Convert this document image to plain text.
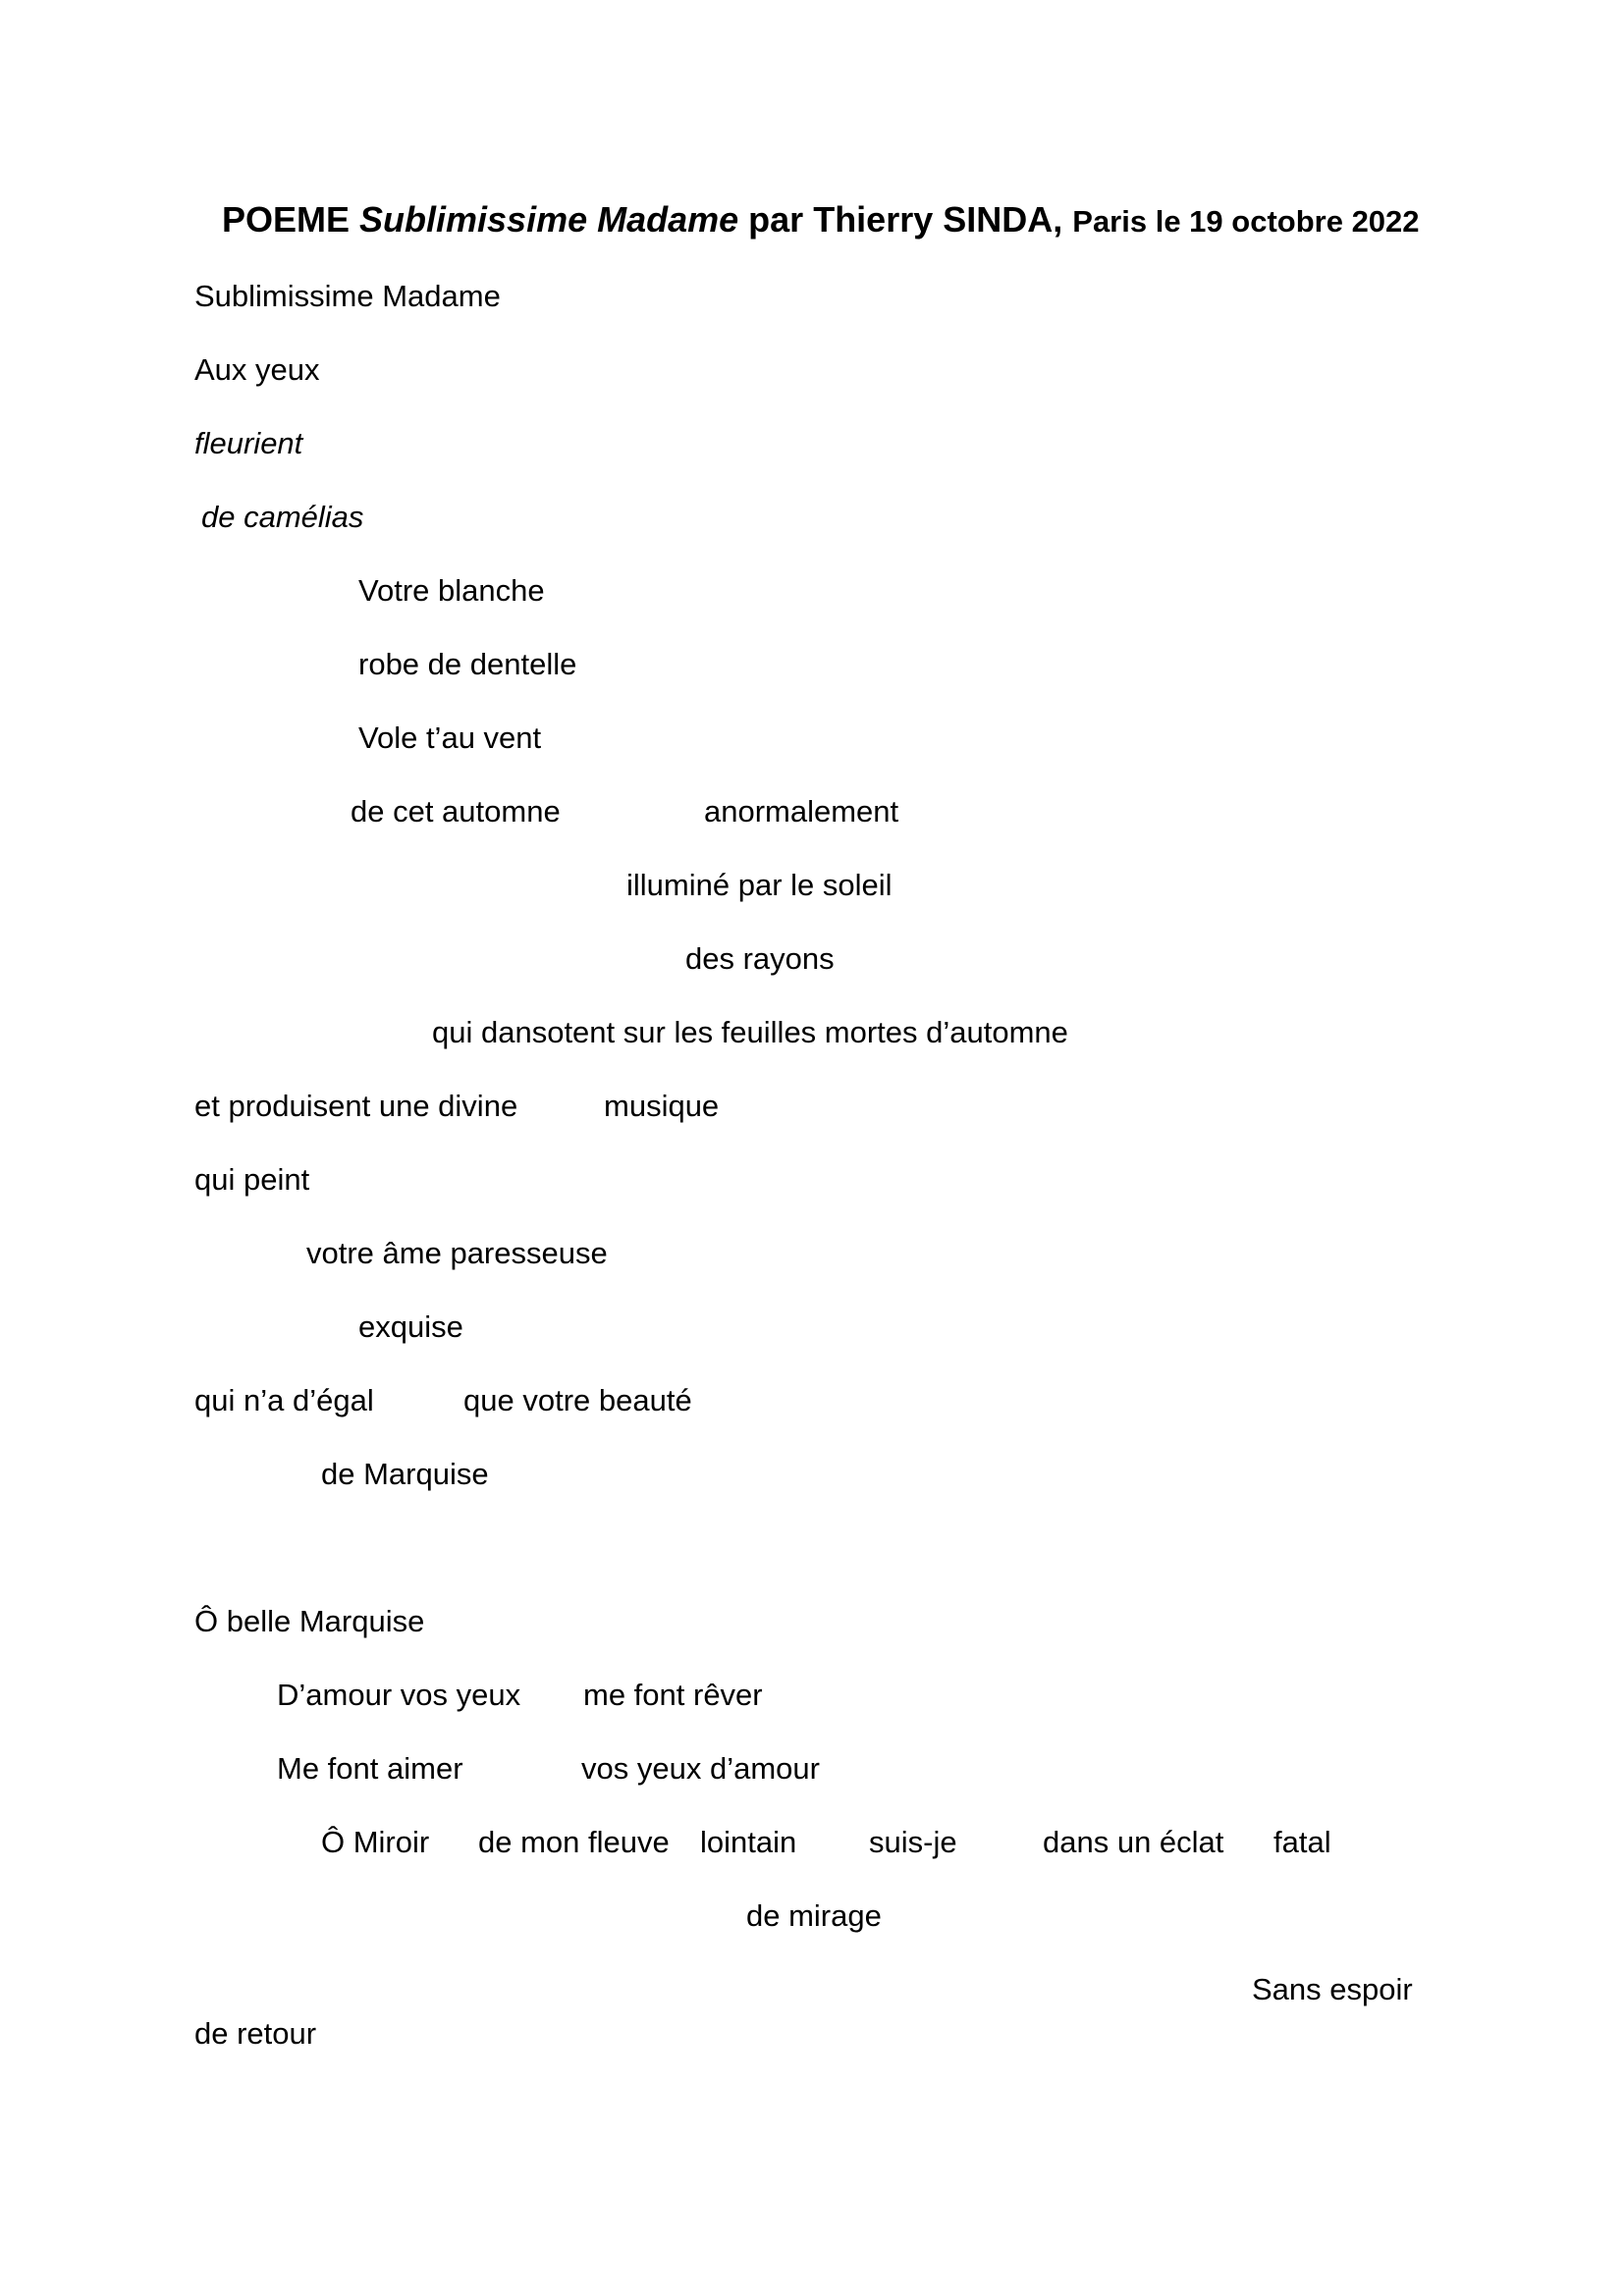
POEME Sublimissime Madame par Thierry SINDA, Paris le 19 octobre 2022
Sublimissime Madame
Aux yeux
fleurient
de camélias
Votre blanche
robe de dentelle
Vole t’au vent
de cet automne	anormalement
illuminé par le soleil
des rayons
qui dansotent sur les feuilles mortes d’automne
et produisent une divine	musique
qui peint
votre âme paresseuse
exquise
qui n’a d’égal	que votre beauté
de Marquise
Ô belle Marquise
D’amour vos yeux me font rêver
Me font aimer	vos yeux d’amour
Ô Miroir de mon fleuve lointain suis-je	dans un éclat fatal
de mirage
Sans espoir
de retour
